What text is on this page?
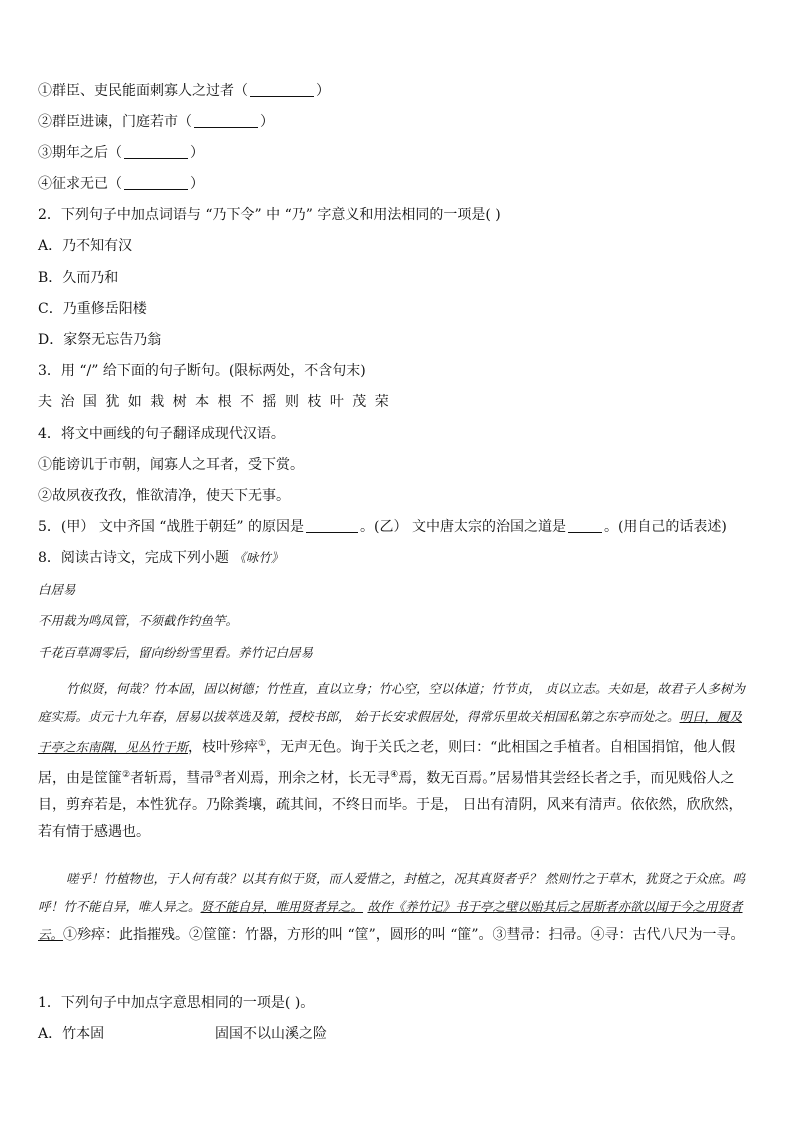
①群臣、吏民能面刺寡人之过者（	）
②群臣进谏，门庭若市（	）
③期年之后（	）
④征求无已（	）
2．下列句子中加点词语与 “乃下令” 中 “乃” 字意义和用法相同的一项是( )
A．乃不知有汉
B．久而乃和
C．乃重修岳阳楼
D．家祭无忘告乃翁
3．用 “/” 给下面的句子断句。(限标两处，不含句末)
夫 治 国 犹 如 栽 树 本 根 不 摇 则 枝 叶 茂 荣
4．将文中画线的句子翻译成现代汉语。
①能谤讥于市朝，闻寡人之耳者，受下赏。
②故夙夜孜孜，惟欲清净，使天下无事。
5．(甲） 文中齐国 “战胜于朝廷” 的原因是	。(乙） 文中唐太宗的治国之道是	。(用自己的话表述)
8．阅读古诗文，完成下列小题 《咏竹》
白居易
不用裁为鸣凤管，不须截作钓鱼竿。
千花百草凋零后，留向纷纷雪里看。养竹记白居易
竹似贤，何哉？竹本固，固以树德；竹性直，直以立身；竹心空，空以体道；竹节贞， 贞以立志。夫如是，故君子人多树为庭实焉。贞元十九年春，居易以拔萃选及第，授校书郎， 始于长安求假居处，得常乐里故关相国私第之东亭而处之。明日，履及于亭之东南隅，见丛竹于斯，枝叶殄瘁①，无声无色。询于关氏之老，则曰：“此相国之手植者。自相国捐馆，他人假居，由是筐篚②者斩焉，彗帚③者刈焉，刑余之材，长无寻④焉，数无百焉。”居易惜其尝经长者之手，而见贱俗人之目，剪弃若是，本性犹存。乃除粪壤，疏其间，不终日而毕。于是， 日出有清阴，风来有清声。依依然，欣欣然，若有情于感遇也。
嗟乎！竹植物也，于人何有哉？以其有似于贤，而人爱惜之，封植之，况其真贤者乎？ 然则竹之于草木，犹贤之于众庶。呜呼！竹不能自异，唯人异之。贤不能自异，唯用贤者异之。 故作《养竹记》书于亭之壁以贻其后之居斯者亦欲以闻于今之用贤者云。①殄瘁：此指摧残。②筐篚：竹器，方形的叫 “筐”，圆形的叫 “篚”。③彗帚：扫帚。④寻：古代八尺为一寻。
1．下列句子中加点字意思相同的一项是( )。
A．竹本固	固国不以山溪之险
